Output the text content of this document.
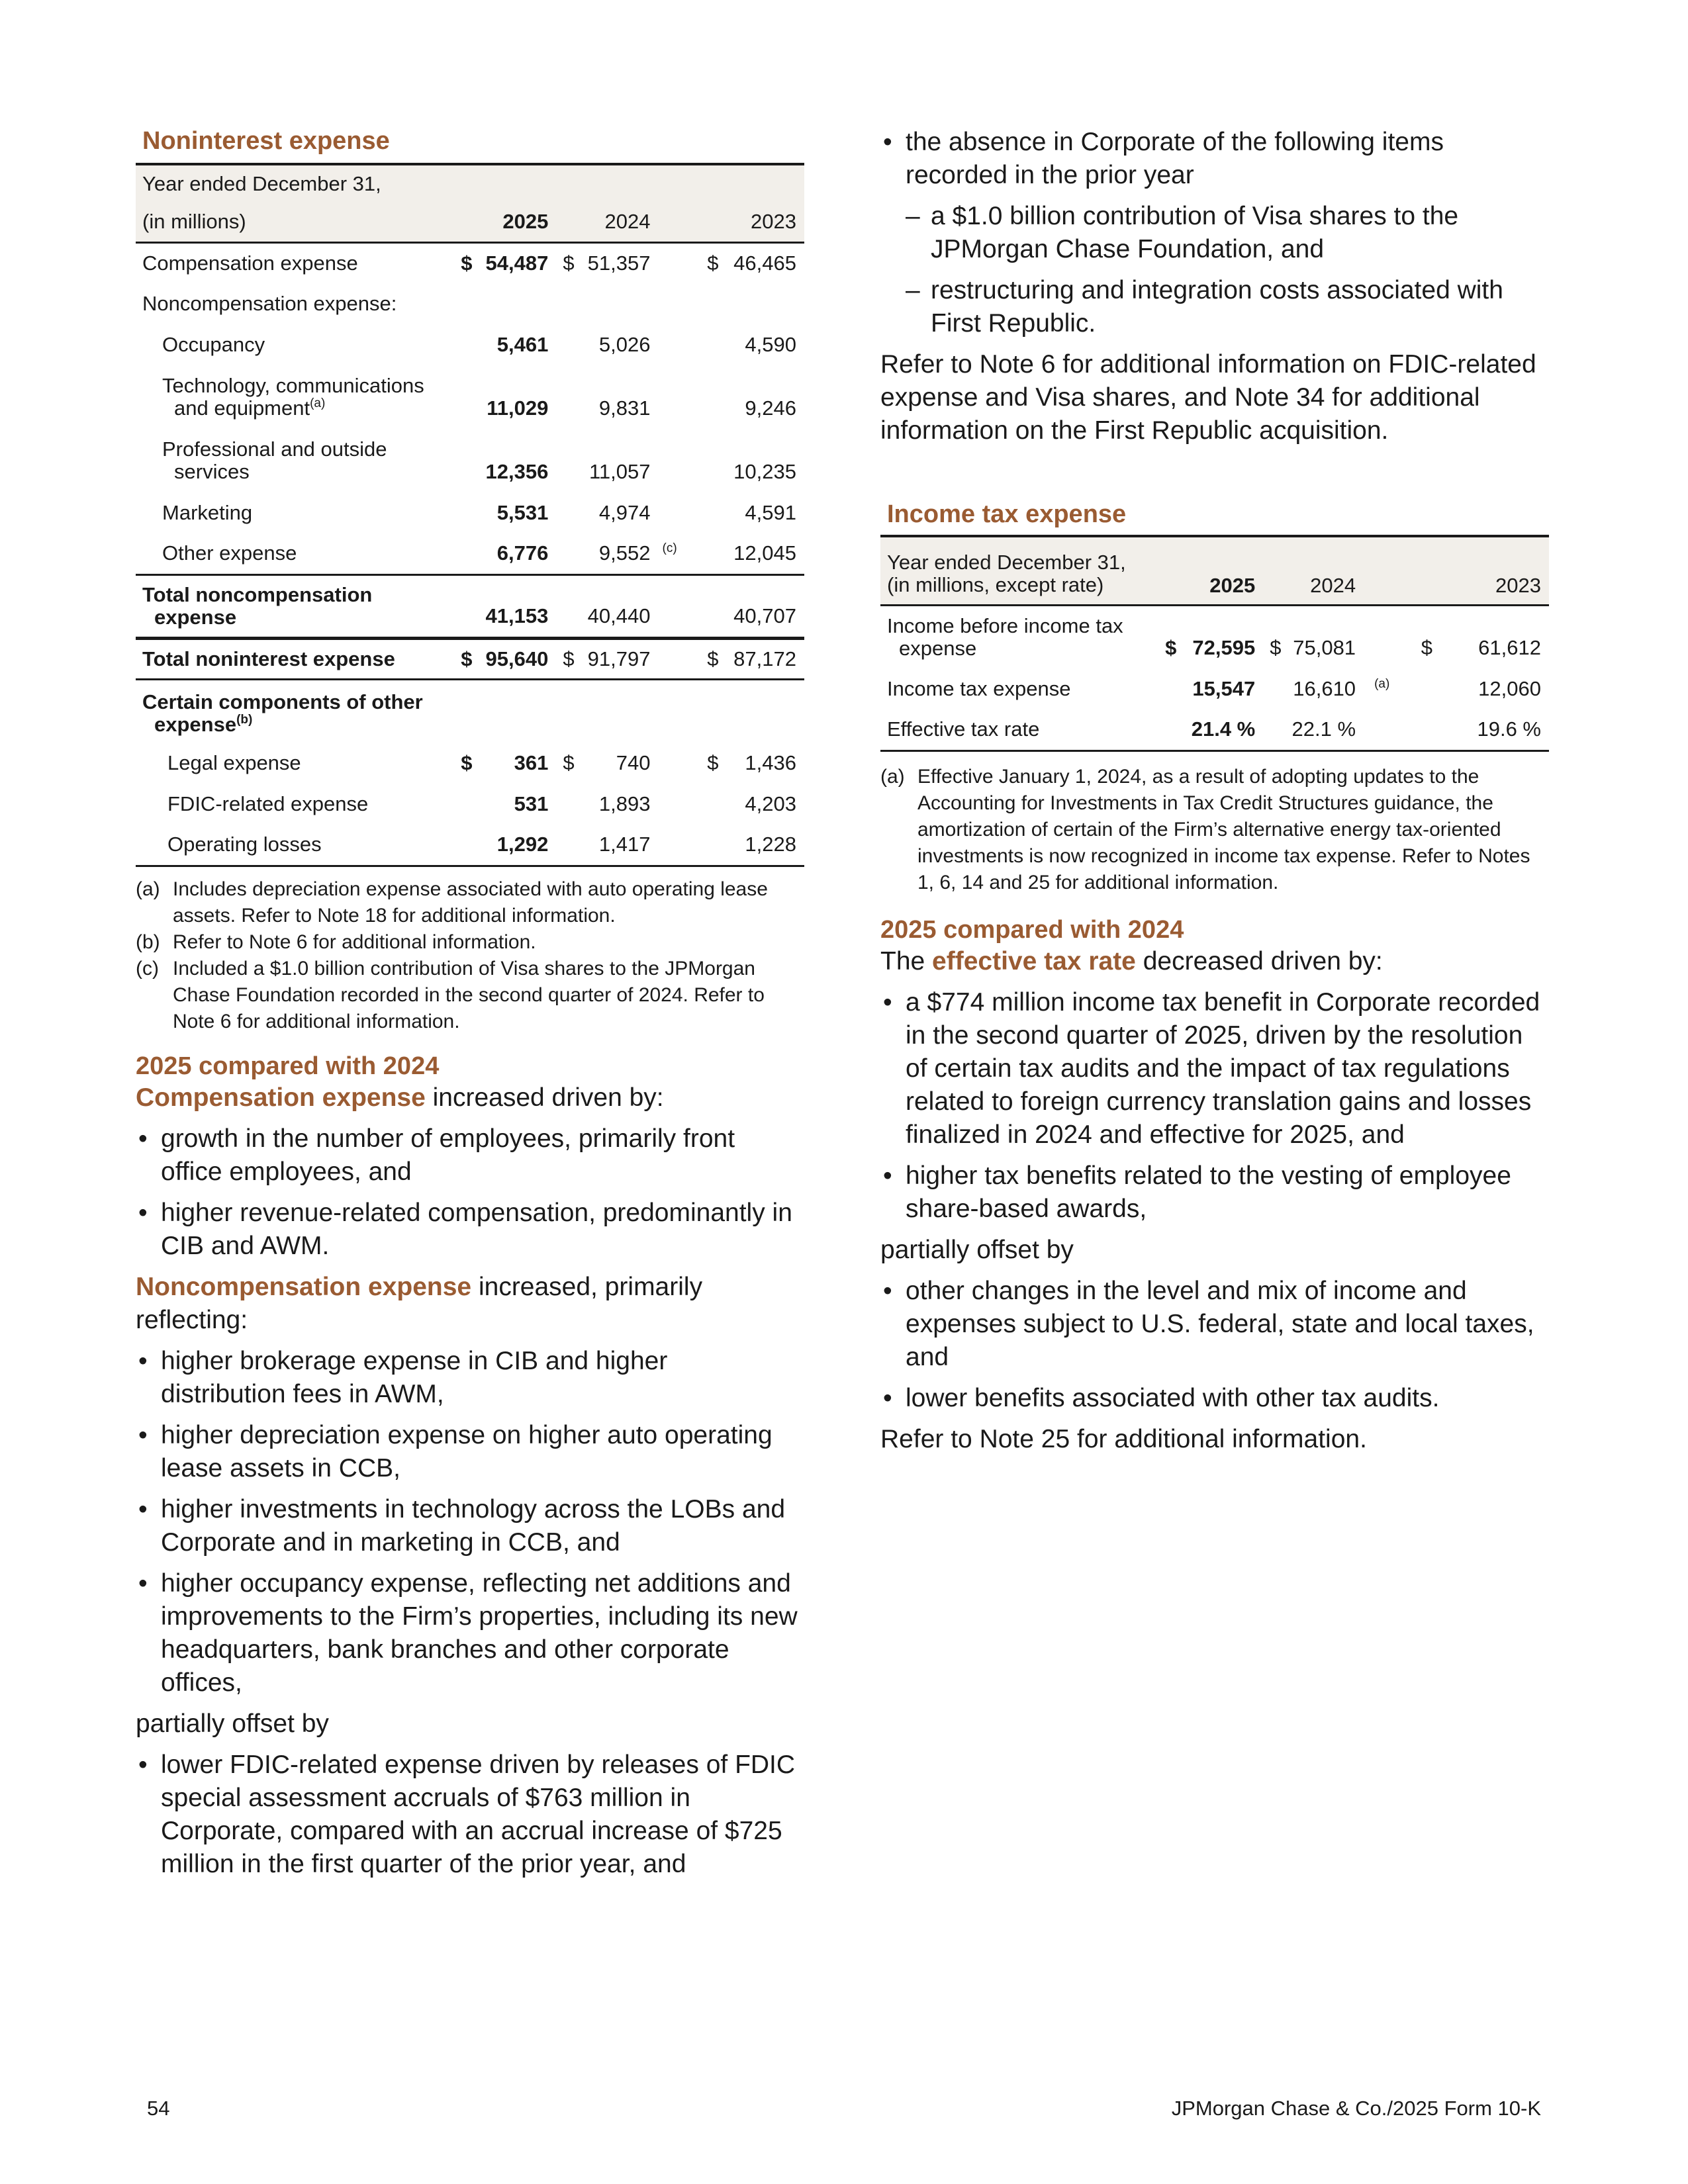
Noninterest expense
Year ended December 31,							
(in millions)	2025		2024			2023	
Compensation expense	$	54,487	$	51,357		$	46,465
Noncompensation expense:							
Occupancy	5,461		5,026			4,590	
Technology, communications

and equipment$^{(a)}$	11,029		9,831			9,246	
Professional and outside

services	12,356		11,057			10,235	
Marketing	5,531		4,974			4,591	
Other expense	6,776		9,552		$^{(c)}$	12,045	
Total noncompensation

expense	41,153		40,440			40,707	
Total noninterest expense	$	95,640	$	91,797		$	87,172
Certain components of other

expense$^{(b)}$

Legal expense	$	361	$	740		$	1,436
FDIC-related expense	531		1,893			4,203	
Operating losses	1,292		1,417			1,228	
(a) Includes depreciation expense associated with auto operating lease assets. Refer to Note 18 for additional information.
(b) Refer to Note 6 for additional information.
(c) Included a $1.0 billion contribution of Visa shares to the JPMorgan Chase Foundation recorded in the second quarter of 2024. Refer to Note 6 for additional information.
2025 compared with 2024
Compensation expense increased driven by:
• growth in the number of employees, primarily front office employees, and
• higher revenue-related compensation, predominantly in CIB and AWM.
Noncompensation expense increased, primarily reflecting:
• higher brokerage expense in CIB and higher distribution fees in AWM,
• higher depreciation expense on higher auto operating lease assets in CCB,
• higher investments in technology across the LOBs and Corporate and in marketing in CCB, and
• higher occupancy expense, reflecting net additions and improvements to the Firm’s properties, including its new headquarters, bank branches and other corporate offices,
partially offset by
• lower FDIC-related expense driven by releases of FDIC special assessment accruals of $763 million in Corporate, compared with an accrual increase of $725 million in the first quarter of the prior year, and
• the absence in Corporate of the following items recorded in the prior year
– a $1.0 billion contribution of Visa shares to the JPMorgan Chase Foundation, and
– restructuring and integration costs associated with First Republic.
Refer to Note 6 for additional information on FDIC-related expense and Visa shares, and Note 34 for additional information on the First Republic acquisition.
Income tax expense
Year ended December 31,
(in millions, except rate)	2025		2024			2023	
Income before income tax

expense	$	72,595	$	75,081		$	61,612
Income tax expense	15,547		16,610		$^{(a)}$	12,060	
Effective tax rate	21.4 %		22.1 %			19.6 %	
(a) Effective January 1, 2024, as a result of adopting updates to the Accounting for Investments in Tax Credit Structures guidance, the amortization of certain of the Firm’s alternative energy tax-oriented investments is now recognized in income tax expense. Refer to Notes 1, 6, 14 and 25 for additional information.
2025 compared with 2024
The effective tax rate decreased driven by:
• a $774 million income tax benefit in Corporate recorded in the second quarter of 2025, driven by the resolution of certain tax audits and the impact of tax regulations related to foreign currency translation gains and losses finalized in 2024 and effective for 2025, and
• higher tax benefits related to the vesting of employee share-based awards,
partially offset by
• other changes in the level and mix of income and expenses subject to U.S. federal, state and local taxes, and
• lower benefits associated with other tax audits.
Refer to Note 25 for additional information.
54	JPMorgan Chase & Co./2025 Form 10-K
